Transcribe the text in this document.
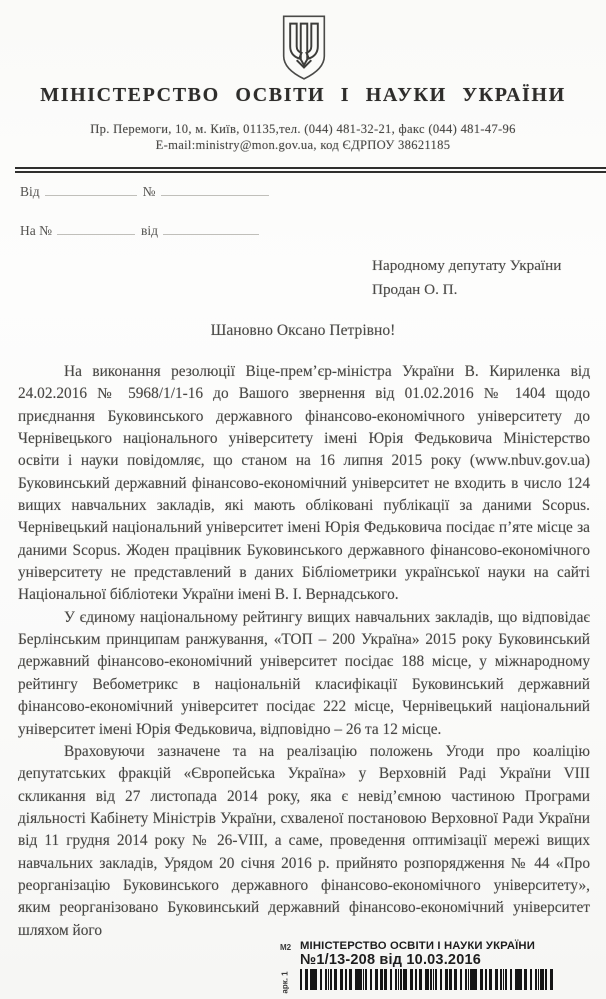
МІНІСТЕРСТВО ОСВІТИ І НАУКИ УКРАЇНИ
Пр. Перемоги, 10, м. Київ, 01135,тел. (044) 481-32-21, факс (044) 481-47-96
E-mail:ministry@mon.gov.ua, код ЄДРПОУ 38621185
Від	№
На №	від
Народному депутату України
Продан О. П.
Шановно Оксано Петрівно!

На виконання резолюції Віце-прем’єр-міністра України В. Кириленка від 24.02.2016 № 5968/1/1-16 до Вашого звернення від 01.02.2016 № 1404 щодо приєднання Буковинського державного фінансово-економічного університету до Чернівецького національного університету імені Юрія Федьковича Міністерство освіти і науки повідомляє, що станом на 16 липня 2015 року (www.nbuv.gov.ua) Буковинський державний фінансово-економічний університет не входить в число 124 вищих навчальних закладів, які мають обліковані публікації за даними Scopus. Чернівецький національний університет імені Юрія Федьковича посідає п’яте місце за даними Scopus. Жоден працівник Буковинського державного фінансово-економічного університету не представлений в даних Бібліометрики української науки на сайті Національної бібліотеки України імені В. І. Вернадського.

У єдиному національному рейтингу вищих навчальних закладів, що відповідає Берлінським принципам ранжування, «ТОП – 200 Україна» 2015 року Буковинський державний фінансово-економічний університет посідає 188 місце, у міжнародному рейтингу Вебометрикс в національній класифікації Буковинський державний фінансово-економічний університет посідає 222 місце, Чернівецький національний університет імені Юрія Федьковича, відповідно – 26 та 12 місце.

Враховуючи зазначене та на реалізацію положень Угоди про коаліцію депутатських фракцій «Європейська Україна» у Верховній Раді України VIII скликання від 27 листопада 2014 року, яка є невід’ємною частиною Програми діяльності Кабінету Міністрів України, схваленої постановою Верховної Ради України від 11 грудня 2014 року № 26-VIII, а саме, проведення оптимізації мережі вищих навчальних закладів, Урядом 20 січня 2016 р. прийнято розпорядження № 44 «Про реорганізацію Буковинського державного фінансово-економічного університету», яким реорганізовано Буковинський державний фінансово-економічний університет шляхом його

М2
арк. 1
МІНІСТЕРСТВО ОСВІТИ І НАУКИ УКРАЇНИ
№1/13-208 від 10.03.2016
